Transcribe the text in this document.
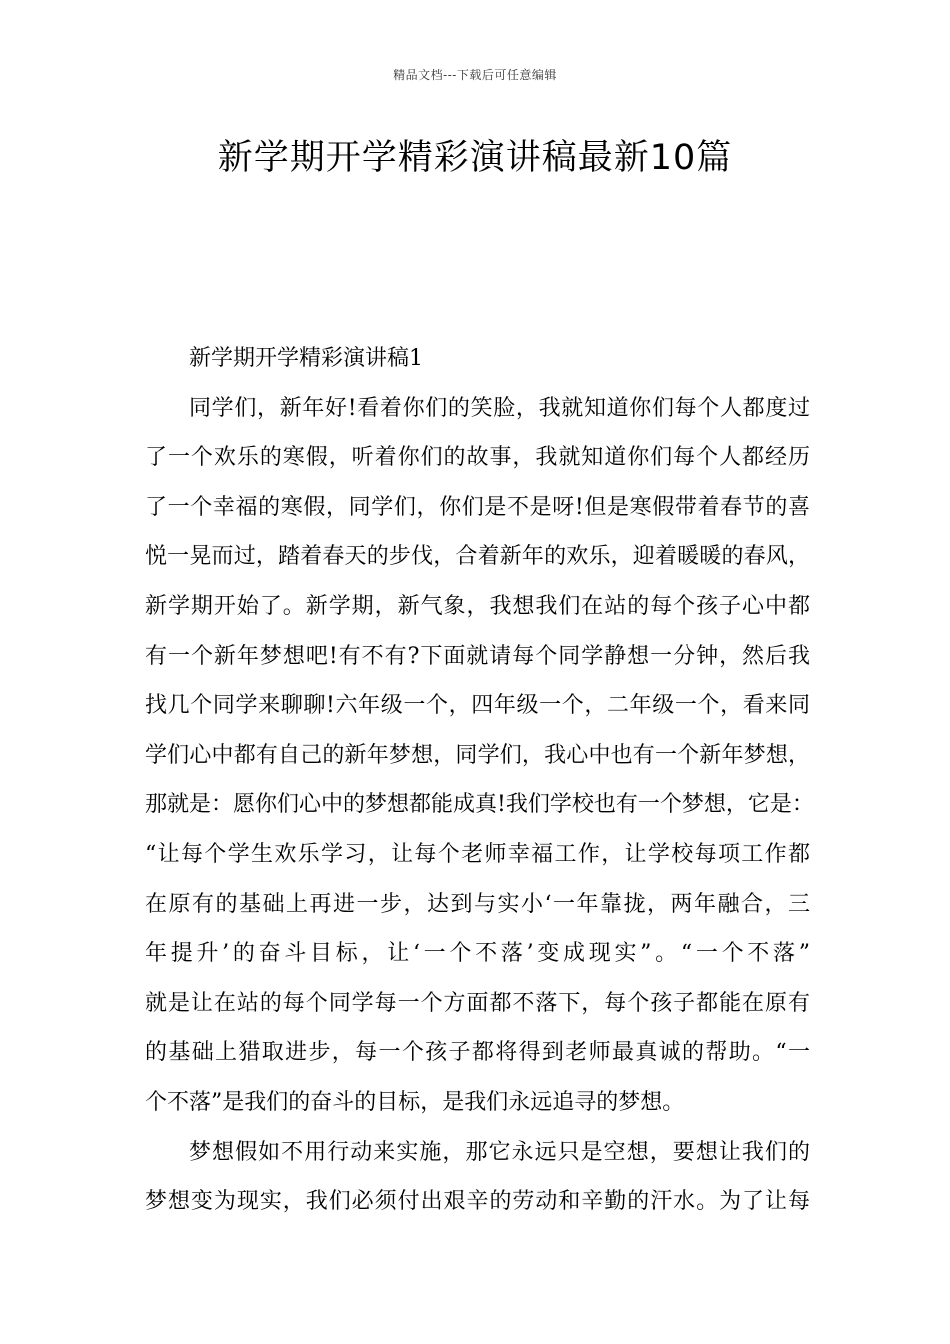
精品文档---下载后可任意编辑
新学期开学精彩演讲稿最新10篇
新学期开学精彩演讲稿1
同学们，新年好!看着你们的笑脸，我就知道你们每个人都度过
了一个欢乐的寒假，听着你们的故事，我就知道你们每个人都经历
了一个幸福的寒假，同学们，你们是不是呀!但是寒假带着春节的喜
悦一晃而过，踏着春天的步伐，合着新年的欢乐，迎着暖暖的春风，
新学期开始了。新学期，新气象，我想我们在站的每个孩子心中都
有一个新年梦想吧!有不有?下面就请每个同学静想一分钟，然后我
找几个同学来聊聊!六年级一个，四年级一个，二年级一个，看来同
学们心中都有自己的新年梦想，同学们，我心中也有一个新年梦想，
那就是：愿你们心中的梦想都能成真!我们学校也有一个梦想，它是：
“让每个学生欢乐学习，让每个老师幸福工作，让学校每项工作都
在原有的基础上再进一步，达到与实小‘一年靠拢，两年融合，三
年提升’的奋斗目标，让‘一个不落’变成现实”。“一个不落”
就是让在站的每个同学每一个方面都不落下，每个孩子都能在原有
的基础上猎取进步，每一个孩子都将得到老师最真诚的帮助。“一
个不落”是我们的奋斗的目标，是我们永远追寻的梦想。
梦想假如不用行动来实施，那它永远只是空想，要想让我们的
梦想变为现实，我们必须付出艰辛的劳动和辛勤的汗水。为了让每
